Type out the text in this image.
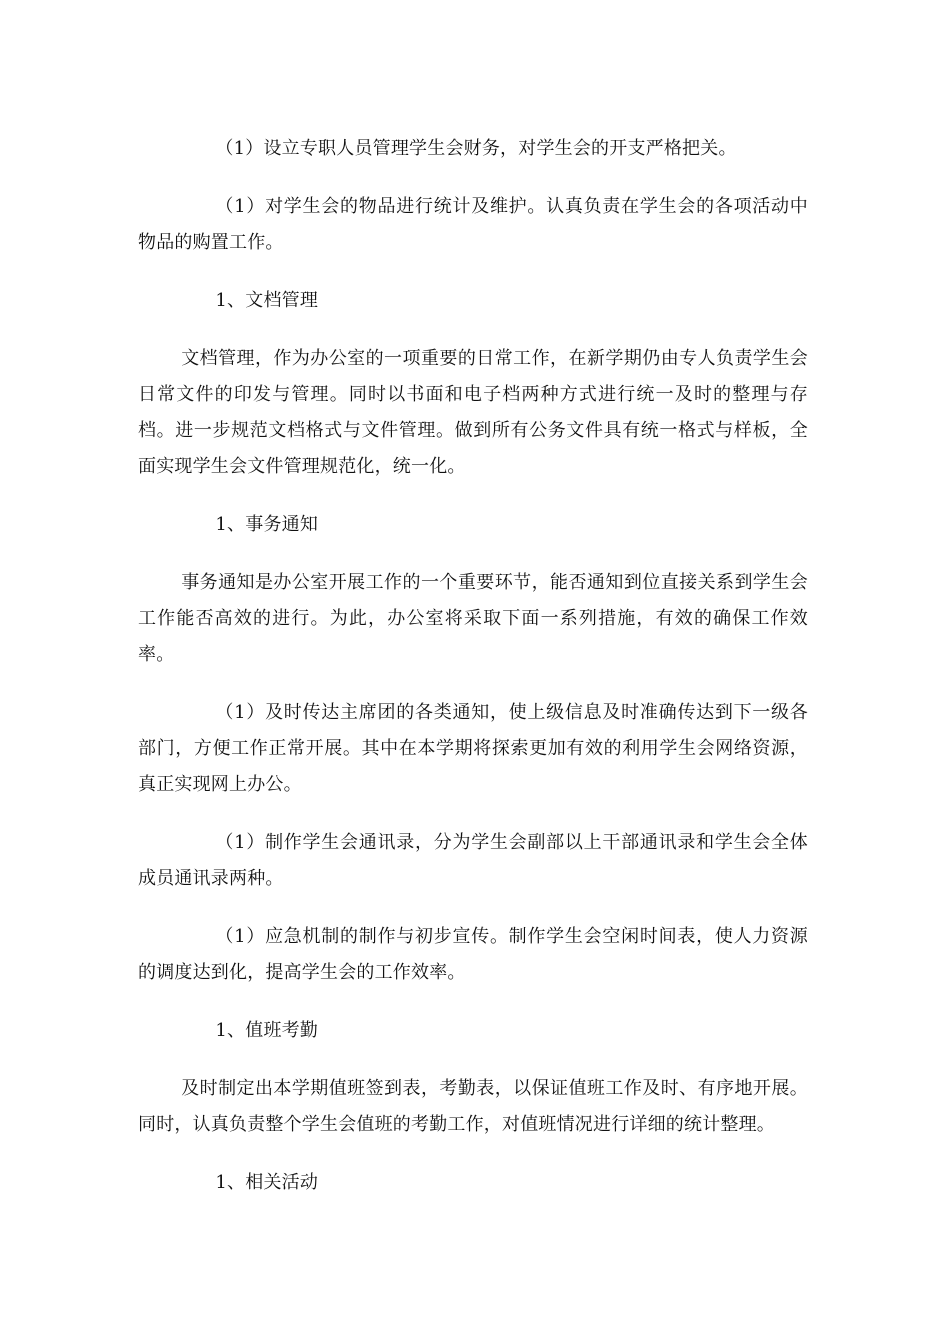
（1）设立专职人员管理学生会财务，对学生会的开支严格把关。

（1）对学生会的物品进行统计及维护。认真负责在学生会的各项活动中物品的购置工作。

1、文档管理

文档管理，作为办公室的一项重要的日常工作，在新学期仍由专人负责学生会日常文件的印发与管理。同时以书面和电子档两种方式进行统一及时的整理与存档。进一步规范文档格式与文件管理。做到所有公务文件具有统一格式与样板，全面实现学生会文件管理规范化，统一化。

1、事务通知

事务通知是办公室开展工作的一个重要环节，能否通知到位直接关系到学生会工作能否高效的进行。为此，办公室将采取下面一系列措施，有效的确保工作效率。

（1）及时传达主席团的各类通知，使上级信息及时准确传达到下一级各部门，方便工作正常开展。其中在本学期将探索更加有效的利用学生会网络资源，真正实现网上办公。

（1）制作学生会通讯录，分为学生会副部以上干部通讯录和学生会全体成员通讯录两种。

（1）应急机制的制作与初步宣传。制作学生会空闲时间表，使人力资源的调度达到化，提高学生会的工作效率。

1、值班考勤

及时制定出本学期值班签到表，考勤表，以保证值班工作及时、有序地开展。同时，认真负责整个学生会值班的考勤工作，对值班情况进行详细的统计整理。

1、相关活动
